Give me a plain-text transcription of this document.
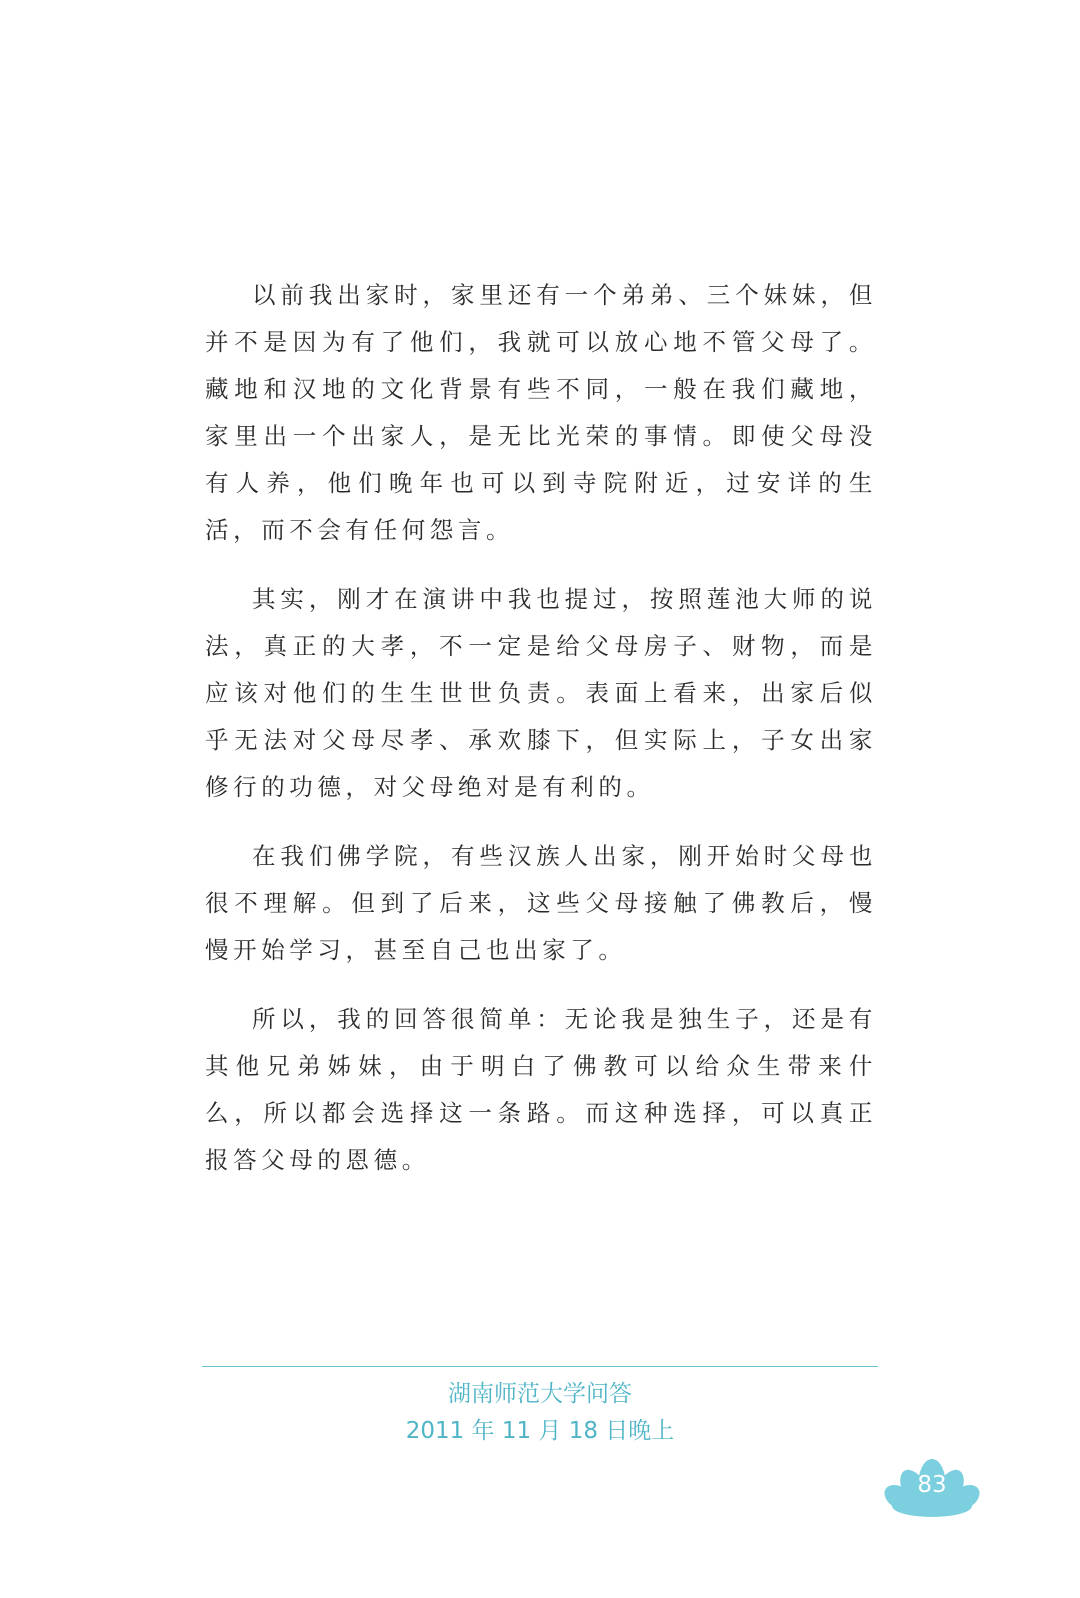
以前我出家时，家里还有一个弟弟、三个妹妹，但并不是因为有了他们，我就可以放心地不管父母了。藏地和汉地的文化背景有些不同，一般在我们藏地，家里出一个出家人，是无比光荣的事情。即使父母没有人养，他们晚年也可以到寺院附近，过安详的生活，而不会有任何怨言。

其实，刚才在演讲中我也提过，按照莲池大师的说法，真正的大孝，不一定是给父母房子、财物，而是应该对他们的生生世世负责。表面上看来，出家后似乎无法对父母尽孝、承欢膝下，但实际上，子女出家修行的功德，对父母绝对是有利的。

在我们佛学院，有些汉族人出家，刚开始时父母也很不理解。但到了后来，这些父母接触了佛教后，慢慢开始学习，甚至自己也出家了。

所以，我的回答很简单：无论我是独生子，还是有其他兄弟姊妹，由于明白了佛教可以给众生带来什么，所以都会选择这一条路。而这种选择，可以真正报答父母的恩德。

湖南师范大学问答
2011 年 11 月 18 日晚上
83
